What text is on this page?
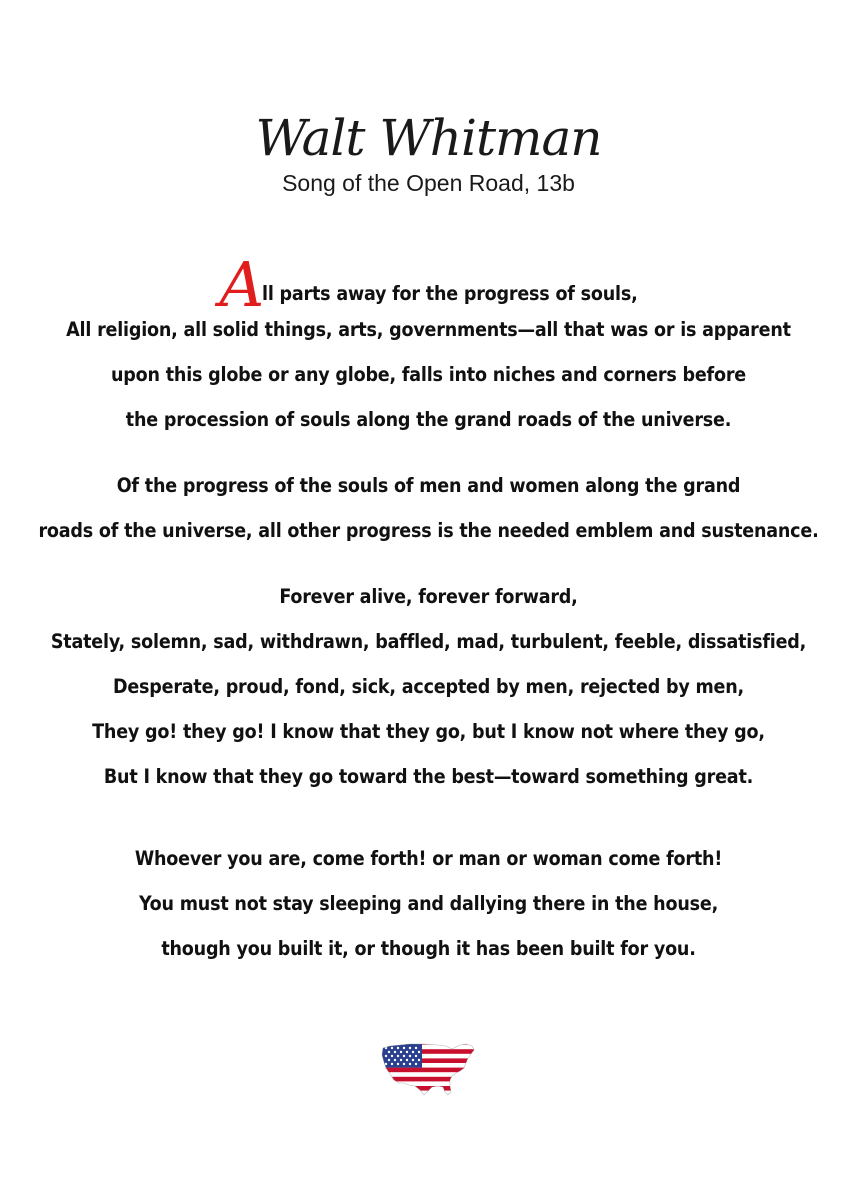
Walt Whitman
Song of the Open Road, 13b
All parts away for the progress of souls,
All religion, all solid things, arts, governments—all that was or is apparent
upon this globe or any globe, falls into niches and corners before
the procession of souls along the grand roads of the universe.
Of the progress of the souls of men and women along the grand
roads of the universe, all other progress is the needed emblem and sustenance.
Forever alive, forever forward,
Stately, solemn, sad, withdrawn, baffled, mad, turbulent, feeble, dissatisfied,
Desperate, proud, fond, sick, accepted by men, rejected by men,
They go! they go! I know that they go, but I know not where they go,
But I know that they go toward the best—toward something great.
Whoever you are, come forth! or man or woman come forth!
You must not stay sleeping and dallying there in the house,
though you built it, or though it has been built for you.
